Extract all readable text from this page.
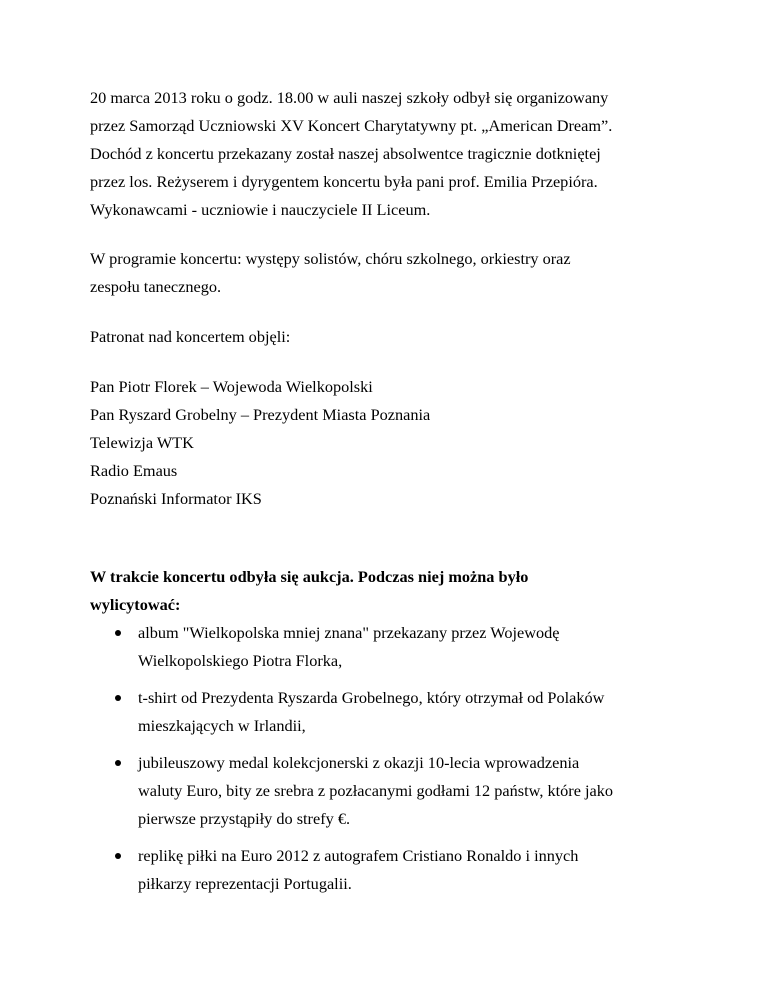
20 marca 2013 roku o godz. 18.00 w auli naszej szkoły odbył się organizowany
przez Samorząd Uczniowski XV Koncert Charytatywny pt. „American Dream”.
Dochód z koncertu przekazany został naszej absolwentce tragicznie dotkniętej
przez los. Reżyserem i dyrygentem koncertu była pani prof. Emilia Przepióra.
Wykonawcami - uczniowie i nauczyciele II Liceum.

W programie koncertu: występy solistów, chóru szkolnego, orkiestry oraz
zespołu tanecznego.

Patronat nad koncertem objęli:

Pan Piotr Florek – Wojewoda Wielkopolski
Pan Ryszard Grobelny – Prezydent Miasta Poznania
Telewizja WTK
Radio Emaus
Poznański Informator IKS

W trakcie koncertu odbyła się aukcja. Podczas niej można było
wylicytować:

album "Wielkopolska mniej znana" przekazany przez Wojewodę
Wielkopolskiego Piotra Florka,
t-shirt od Prezydenta Ryszarda Grobelnego, który otrzymał od Polaków
mieszkających w Irlandii,
jubileuszowy medal kolekcjonerski z okazji 10-lecia wprowadzenia
waluty Euro, bity ze srebra z pozłacanymi godłami 12 państw, które jako
pierwsze przystąpiły do strefy €.
replikę piłki na Euro 2012 z autografem Cristiano Ronaldo i innych
piłkarzy reprezentacji Portugalii.
